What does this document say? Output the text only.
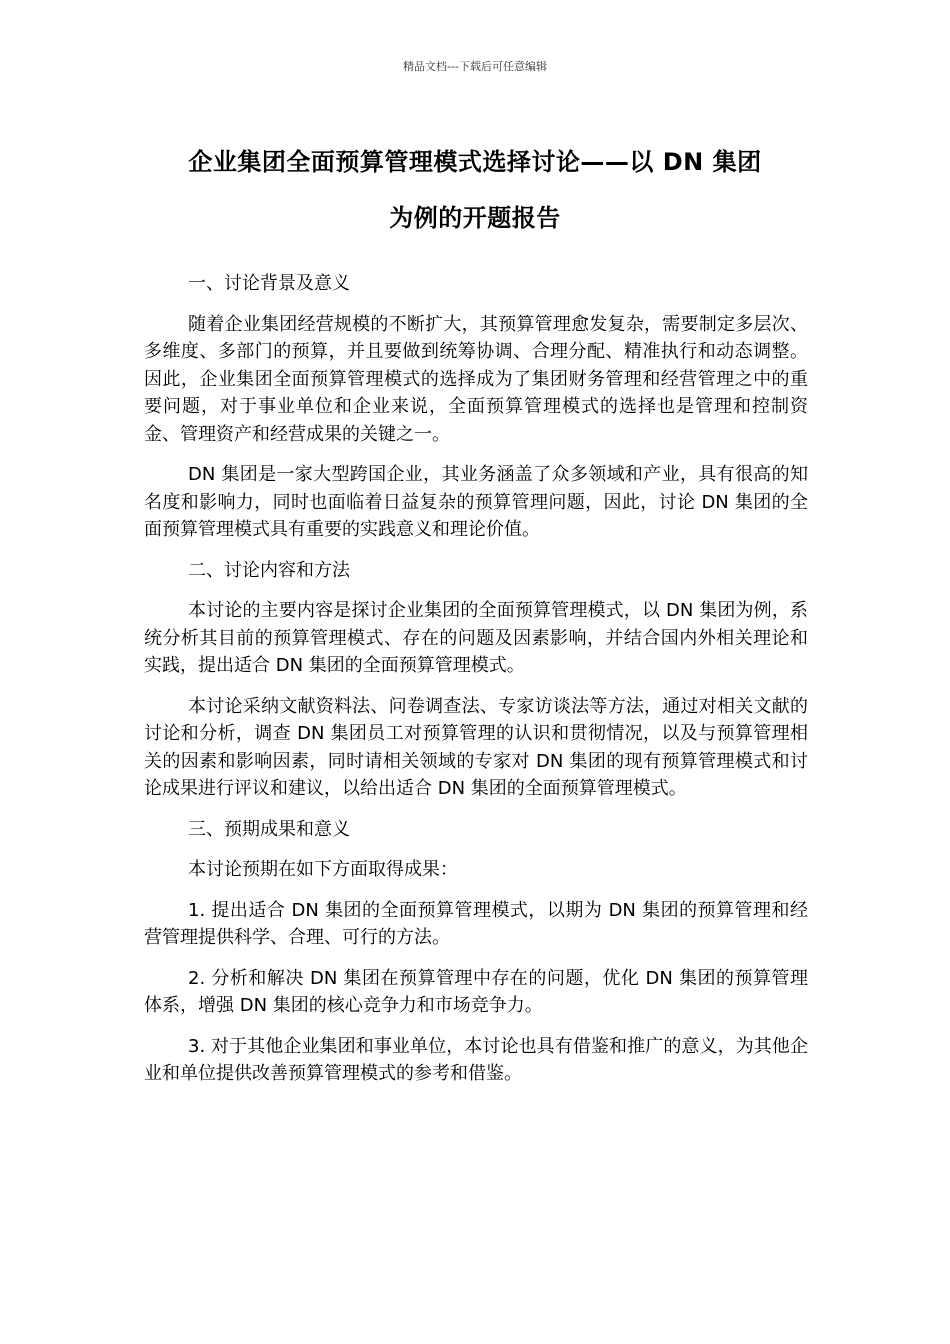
精品文档---下载后可任意编辑
企业集团全面预算管理模式选择讨论——以 DN 集团
为例的开题报告

一、讨论背景及意义

随着企业集团经营规模的不断扩大，其预算管理愈发复杂，需要制定多层次、多维度、多部门的预算，并且要做到统筹协调、合理分配、精准执行和动态调整。因此，企业集团全面预算管理模式的选择成为了集团财务管理和经营管理之中的重要问题，对于事业单位和企业来说，全面预算管理模式的选择也是管理和控制资金、管理资产和经营成果的关键之一。

DN 集团是一家大型跨国企业，其业务涵盖了众多领域和产业，具有很高的知名度和影响力，同时也面临着日益复杂的预算管理问题，因此，讨论 DN 集团的全面预算管理模式具有重要的实践意义和理论价值。

二、讨论内容和方法

本讨论的主要内容是探讨企业集团的全面预算管理模式，以 DN 集团为例，系统分析其目前的预算管理模式、存在的问题及因素影响，并结合国内外相关理论和实践，提出适合 DN 集团的全面预算管理模式。

本讨论采纳文献资料法、问卷调查法、专家访谈法等方法，通过对相关文献的讨论和分析，调查 DN 集团员工对预算管理的认识和贯彻情况，以及与预算管理相关的因素和影响因素，同时请相关领域的专家对 DN 集团的现有预算管理模式和讨论成果进行评议和建议，以给出适合 DN 集团的全面预算管理模式。

三、预期成果和意义

本讨论预期在如下方面取得成果：

1. 提出适合 DN 集团的全面预算管理模式，以期为 DN 集团的预算管理和经营管理提供科学、合理、可行的方法。

2. 分析和解决 DN 集团在预算管理中存在的问题，优化 DN 集团的预算管理体系，增强 DN 集团的核心竞争力和市场竞争力。

3. 对于其他企业集团和事业单位，本讨论也具有借鉴和推广的意义，为其他企业和单位提供改善预算管理模式的参考和借鉴。
